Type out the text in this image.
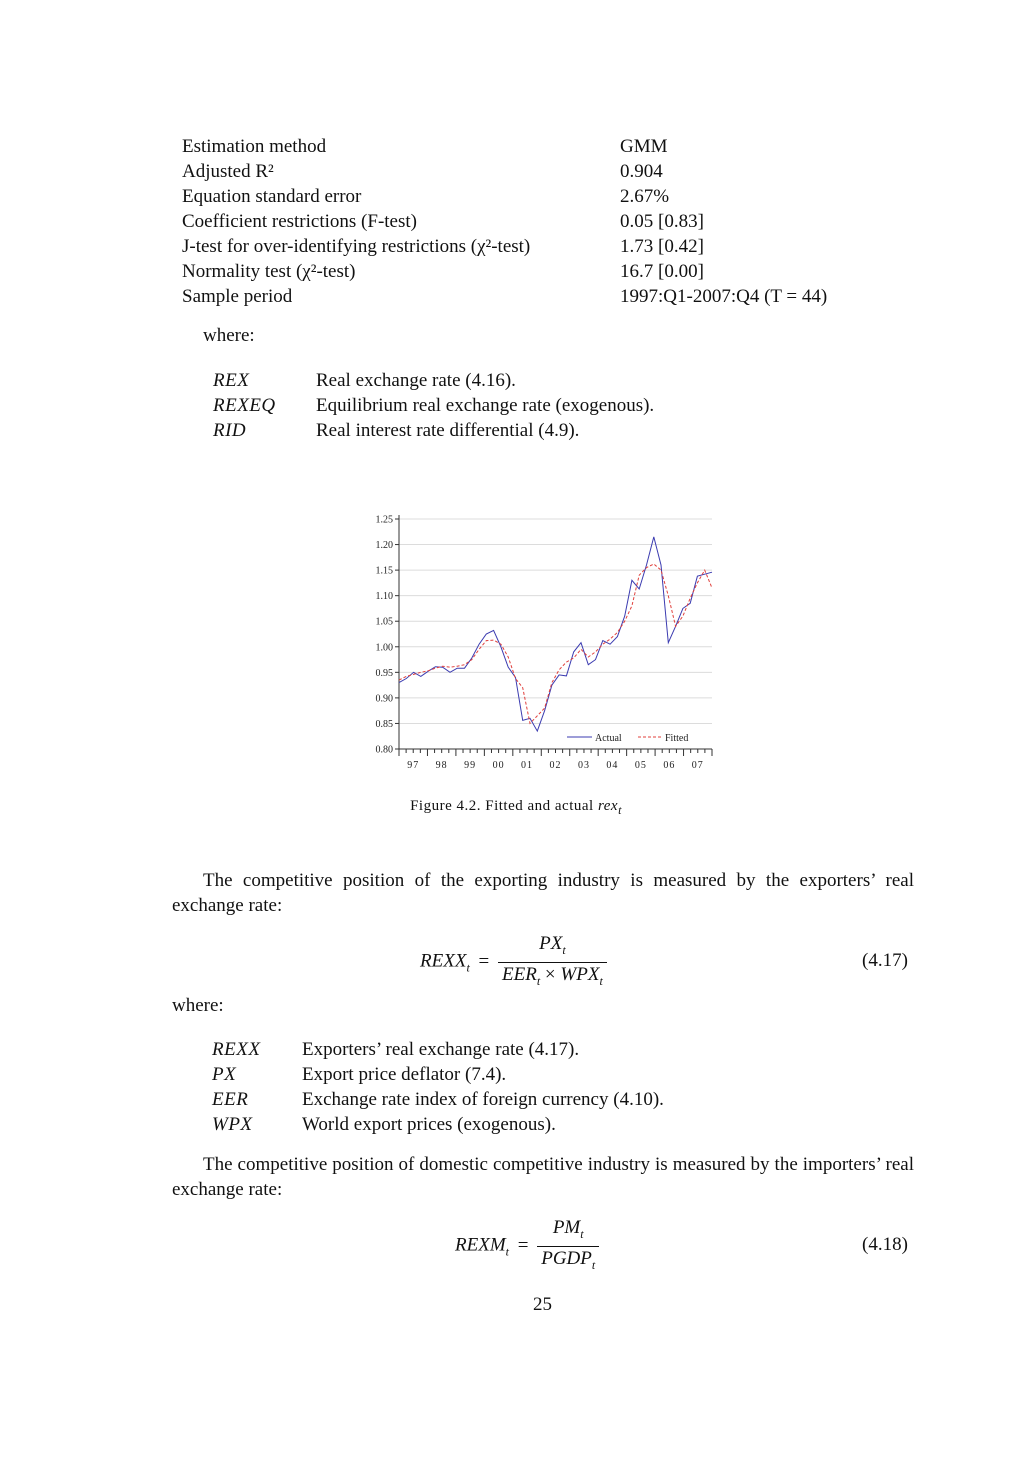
Estimation method	GMM
Adjusted R²	0.904
Equation standard error	2.67%
Coefficient restrictions (F-test)	0.05 [0.83]
J-test for over-identifying restrictions (χ²-test)	1.73 [0.42]
Normality test (χ²-test)	16.7 [0.00]
Sample period	1997:Q1-2007:Q4 (T = 44)
where:
REX	Real exchange rate (4.16).
REXEQ Equilibrium real exchange rate (exogenous).
RID	Real interest rate differential (4.9).
1.25
1.20
1.15
1.10
1.05
1.00
0.95
0.90
0.85
0.80
97 98 99 00 01 02 03 04 05 06 07
Actual	Fitted
Figure 4.2. Fitted and actual rex$_t$
The competitive position of the exporting industry is measured by the exporters’ real exchange rate:
$REXX_t = \frac{PX_t}{EER_t \times WPX_t}$	(4.17)
where:
REXX Exporters’ real exchange rate (4.17).
PX	Export price deflator (7.4).
EER	Exchange rate index of foreign currency (4.10).
WPX	World export prices (exogenous).
The competitive position of domestic competitive industry is measured by the importers’ real exchange rate:
$REXM_t = \frac{PM_t}{PGDP_t}$	(4.18)
25
